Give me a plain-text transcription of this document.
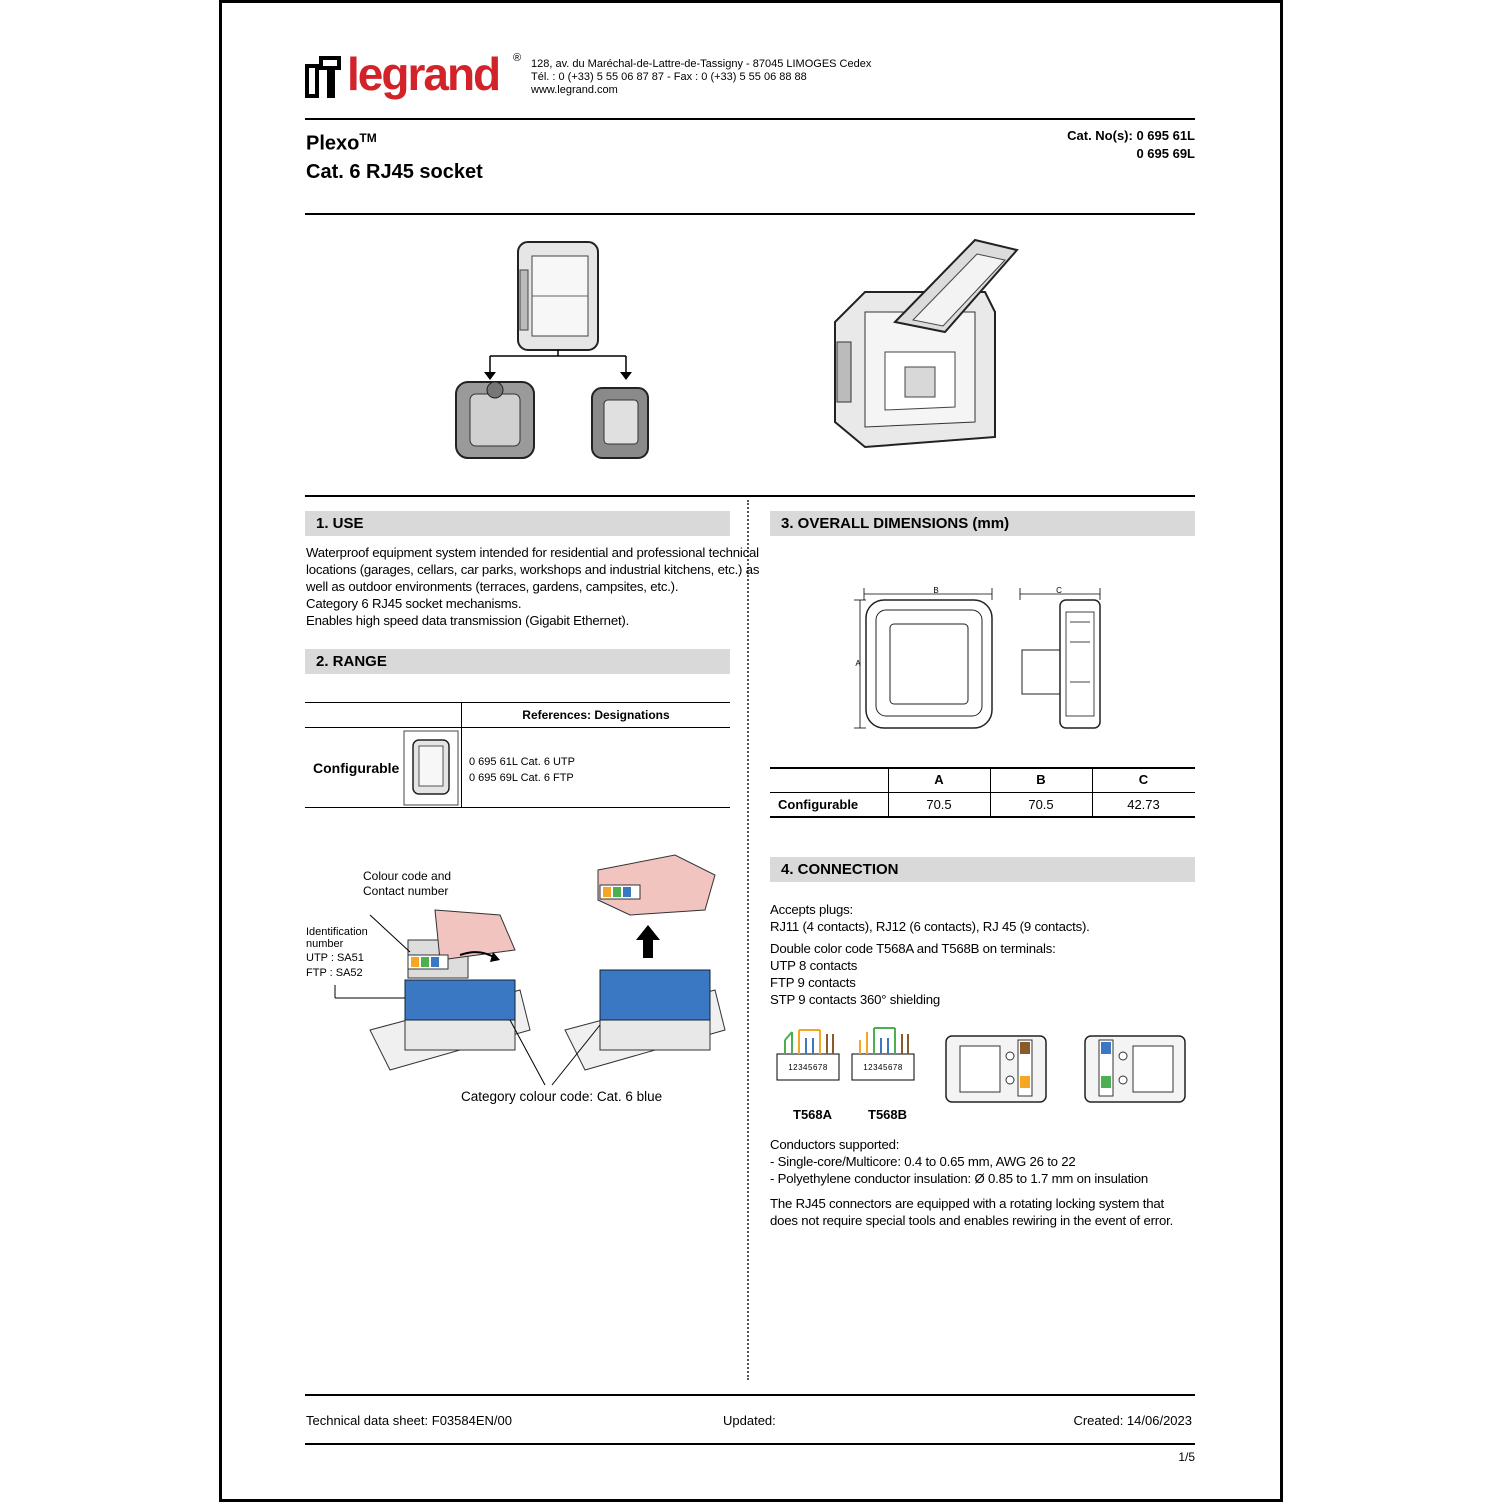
legrand ® 128, av. du Maréchal-de-Lattre-de-Tassigny - 87045 LIMOGES Cedex
Tél. : 0 (+33) 5 55 06 87 87 - Fax : 0 (+33) 5 55 06 88 88
www.legrand.com
Plexo™
Cat. 6 RJ45 socket
Cat. No(s): 0 695 61L
0 695 69L
1. USE
Waterproof equipment system intended for residential and professional technical
locations (garages, cellars, car parks, workshops and industrial kitchens, etc.) as
well as outdoor environments (terraces, gardens, campsites, etc.).
Category 6 RJ45 socket mechanisms.
Enables high speed data transmission (Gigabit Ethernet).
2. RANGE
References: Designations
Configurable	0 695 61L Cat. 6 UTP
0 695 69L Cat. 6 FTP
Colour code and
Contact number
Identification
number
UTP : SA51
FTP : SA52
Category colour code: Cat. 6 blue
3. OVERALL DIMENSIONS (mm)
B
A
C
A	B	C
Configurable	70.5	70.5	42.73
4. CONNECTION
Accepts plugs:
RJ11 (4 contacts), RJ12 (6 contacts), RJ 45 (9 contacts).
Double color code T568A and T568B on terminals:
UTP 8 contacts
FTP 9 contacts
STP 9 contacts 360° shielding
12345678	12345678
T568A	T568B
Conductors supported:
- Single-core/Multicore: 0.4 to 0.65 mm, AWG 26 to 22
- Polyethylene conductor insulation: Ø 0.85 to 1.7 mm on insulation
The RJ45 connectors are equipped with a rotating locking system that
does not require special tools and enables rewiring in the event of error.
Technical data sheet: F03584EN/00	Updated:	Created: 14/06/2023
1/5
